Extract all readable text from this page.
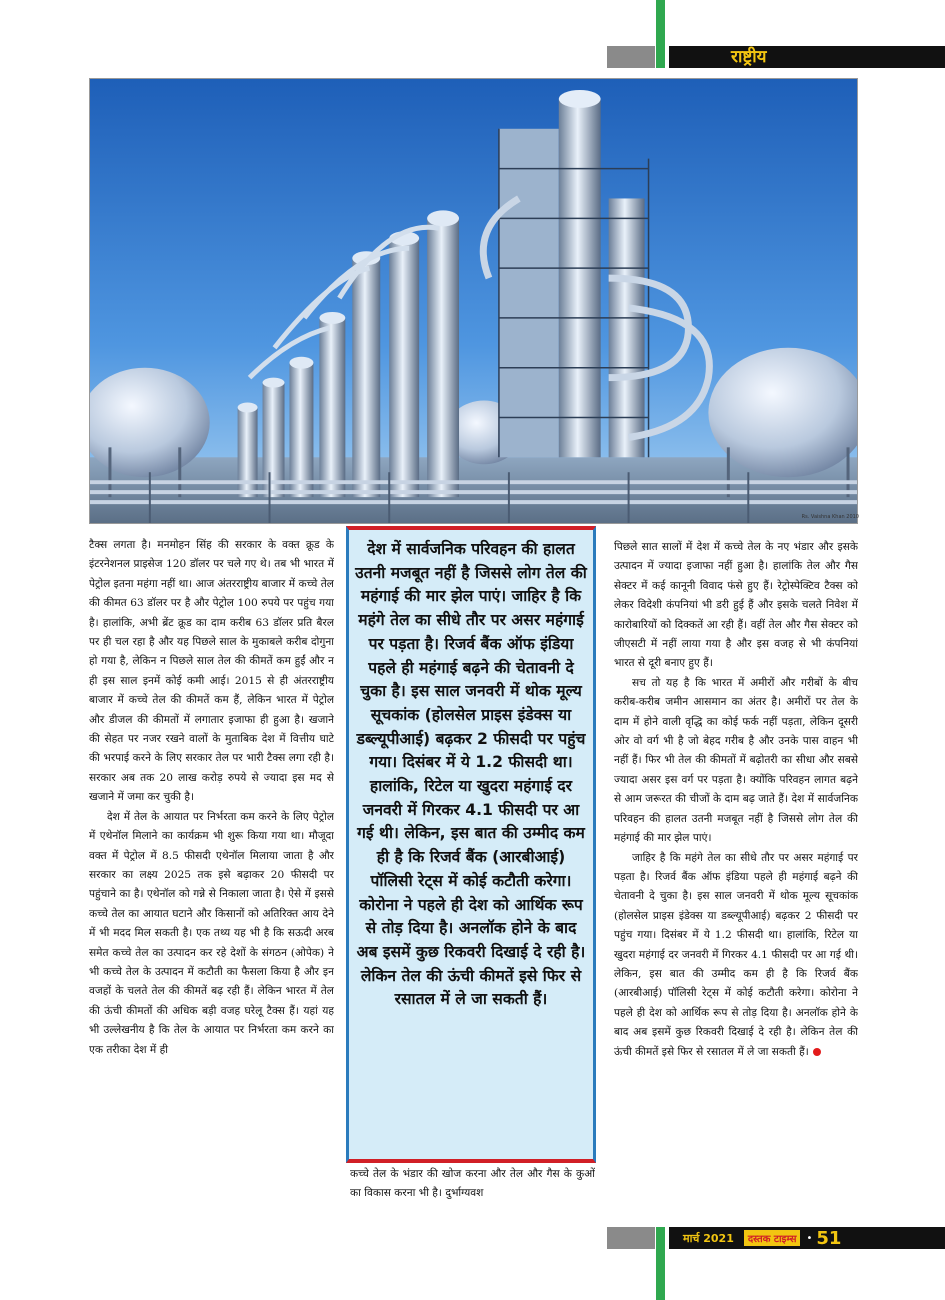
राष्ट्रीय
Rs. Vaishna Khan 2010

टैक्स लगता है। मनमोहन सिंह की सरकार के वक्त क्रूड के इंटरनेशनल प्राइसेज 120 डॉलर पर चले गए थे। तब भी भारत में पेट्रोल इतना महंगा नहीं था। आज अंतरराष्ट्रीय बाजार में कच्चे तेल की कीमत 63 डॉलर पर है और पेट्रोल 100 रुपये पर पहुंच गया है। हालांकि, अभी ब्रेंट क्रूड का दाम करीब 63 डॉलर प्रति बैरल पर ही चल रहा है और यह पिछले साल के मुकाबले करीब दोगुना हो गया है, लेकिन न पिछले साल तेल की कीमतें कम हुईं और न ही इस साल इनमें कोई कमी आई। 2015 से ही अंतरराष्ट्रीय बाजार में कच्चे तेल की कीमतें कम हैं, लेकिन भारत में पेट्रोल और डीजल की कीमतों में लगातार इजाफा ही हुआ है। खजाने की सेहत पर नजर रखने वालों के मुताबिक देश में वित्तीय घाटे की भरपाई करने के लिए सरकार तेल पर भारी टैक्स लगा रही है। सरकार अब तक 20 लाख करोड़ रुपये से ज्यादा इस मद से खजाने में जमा कर चुकी है।

देश में तेल के आयात पर निर्भरता कम करने के लिए पेट्रोल में एथेनॉल मिलाने का कार्यक्रम भी शुरू किया गया था। मौजूदा वक्त में पेट्रोल में 8.5 फीसदी एथेनॉल मिलाया जाता है और सरकार का लक्ष्य 2025 तक इसे बढ़ाकर 20 फीसदी पर पहुंचाने का है। एथेनॉल को गन्ने से निकाला जाता है। ऐसे में इससे कच्चे तेल का आयात घटाने और किसानों को अतिरिक्त आय देने में भी मदद मिल सकती है। एक तथ्य यह भी है कि सऊदी अरब समेत कच्चे तेल का उत्पादन कर रहे देशों के संगठन (ओपेक) ने भी कच्चे तेल के उत्पादन में कटौती का फैसला किया है और इन वजहों के चलते तेल की कीमतें बढ़ रही हैं। लेकिन भारत में तेल की ऊंची कीमतों की अधिक बड़ी वजह घरेलू टैक्स हैं। यहां यह भी उल्लेखनीय है कि तेल के आयात पर निर्भरता कम करने का एक तरीका देश में ही

देश में सार्वजनिक परिवहन की हालत उतनी मजबूत नहीं है जिससे लोग तेल की महंगाई की मार झेल पाएं। जाहिर है कि महंगे तेल का सीधे तौर पर असर महंगाई पर पड़ता है। रिजर्व बैंक ऑफ इंडिया पहले ही महंगाई बढ़ने की चेतावनी दे चुका है। इस साल जनवरी में थोक मूल्य सूचकांक (होलसेल प्राइस इंडेक्स या डब्ल्यूपीआई) बढ़कर 2 फीसदी पर पहुंच गया। दिसंबर में ये 1.2 फीसदी था। हालांकि, रिटेल या खुदरा महंगाई दर जनवरी में गिरकर 4.1 फीसदी पर आ गई थी। लेकिन, इस बात की उम्मीद कम ही है कि रिजर्व बैंक (आरबीआई) पॉलिसी रेट्स में कोई कटौती करेगा। कोरोना ने पहले ही देश को आर्थिक रूप से तोड़ दिया है। अनलॉक होने के बाद अब इसमें कुछ रिकवरी दिखाई दे रही है। लेकिन तेल की ऊंची कीमतें इसे फिर से रसातल में ले जा सकती हैं।

कच्चे तेल के भंडार की खोज करना और तेल और गैस के कुओं का विकास करना भी है। दुर्भाग्यवश

पिछले सात सालों में देश में कच्चे तेल के नए भंडार और इसके उत्पादन में ज्यादा इजाफा नहीं हुआ है। हालांकि तेल और गैस सेक्टर में कई कानूनी विवाद फंसे हुए हैं। रेट्रोस्पेक्टिव टैक्स को लेकर विदेशी कंपनियां भी डरी हुई हैं और इसके चलते निवेश में कारोबारियों को दिक्कतें आ रही हैं। वहीं तेल और गैस सेक्टर को जीएसटी में नहीं लाया गया है और इस वजह से भी कंपनियां भारत से दूरी बनाए हुए हैं।

सच तो यह है कि भारत में अमीरों और गरीबों के बीच करीब-करीब जमीन आसमान का अंतर है। अमीरों पर तेल के दाम में होने वाली वृद्धि का कोई फर्क नहीं पड़ता, लेकिन दूसरी ओर वो वर्ग भी है जो बेहद गरीब है और उनके पास वाहन भी नहीं हैं। फिर भी तेल की कीमतों में बढ़ोतरी का सीधा और सबसे ज्यादा असर इस वर्ग पर पड़ता है। क्योंकि परिवहन लागत बढ़ने से आम जरूरत की चीजों के दाम बढ़ जाते हैं। देश में सार्वजनिक परिवहन की हालत उतनी मजबूत नहीं है जिससे लोग तेल की महंगाई की मार झेल पाएं।

जाहिर है कि महंगे तेल का सीधे तौर पर असर महंगाई पर पड़ता है। रिजर्व बैंक ऑफ इंडिया पहले ही महंगाई बढ़ने की चेतावनी दे चुका है। इस साल जनवरी में थोक मूल्य सूचकांक (होलसेल प्राइस इंडेक्स या डब्ल्यूपीआई) बढ़कर 2 फीसदी पर पहुंच गया। दिसंबर में ये 1.2 फीसदी था। हालांकि, रिटेल या खुदरा महंगाई दर जनवरी में गिरकर 4.1 फीसदी पर आ गई थी। लेकिन, इस बात की उम्मीद कम ही है कि रिजर्व बैंक (आरबीआई) पॉलिसी रेट्स में कोई कटौती करेगा। कोरोना ने पहले ही देश को आर्थिक रूप से तोड़ दिया है। अनलॉक होने के बाद अब इसमें कुछ रिकवरी दिखाई दे रही है। लेकिन तेल की ऊंची कीमतें इसे फिर से रसातल में ले जा सकती हैं।

मार्च 2021	दस्तक टाइम्स	• 51
